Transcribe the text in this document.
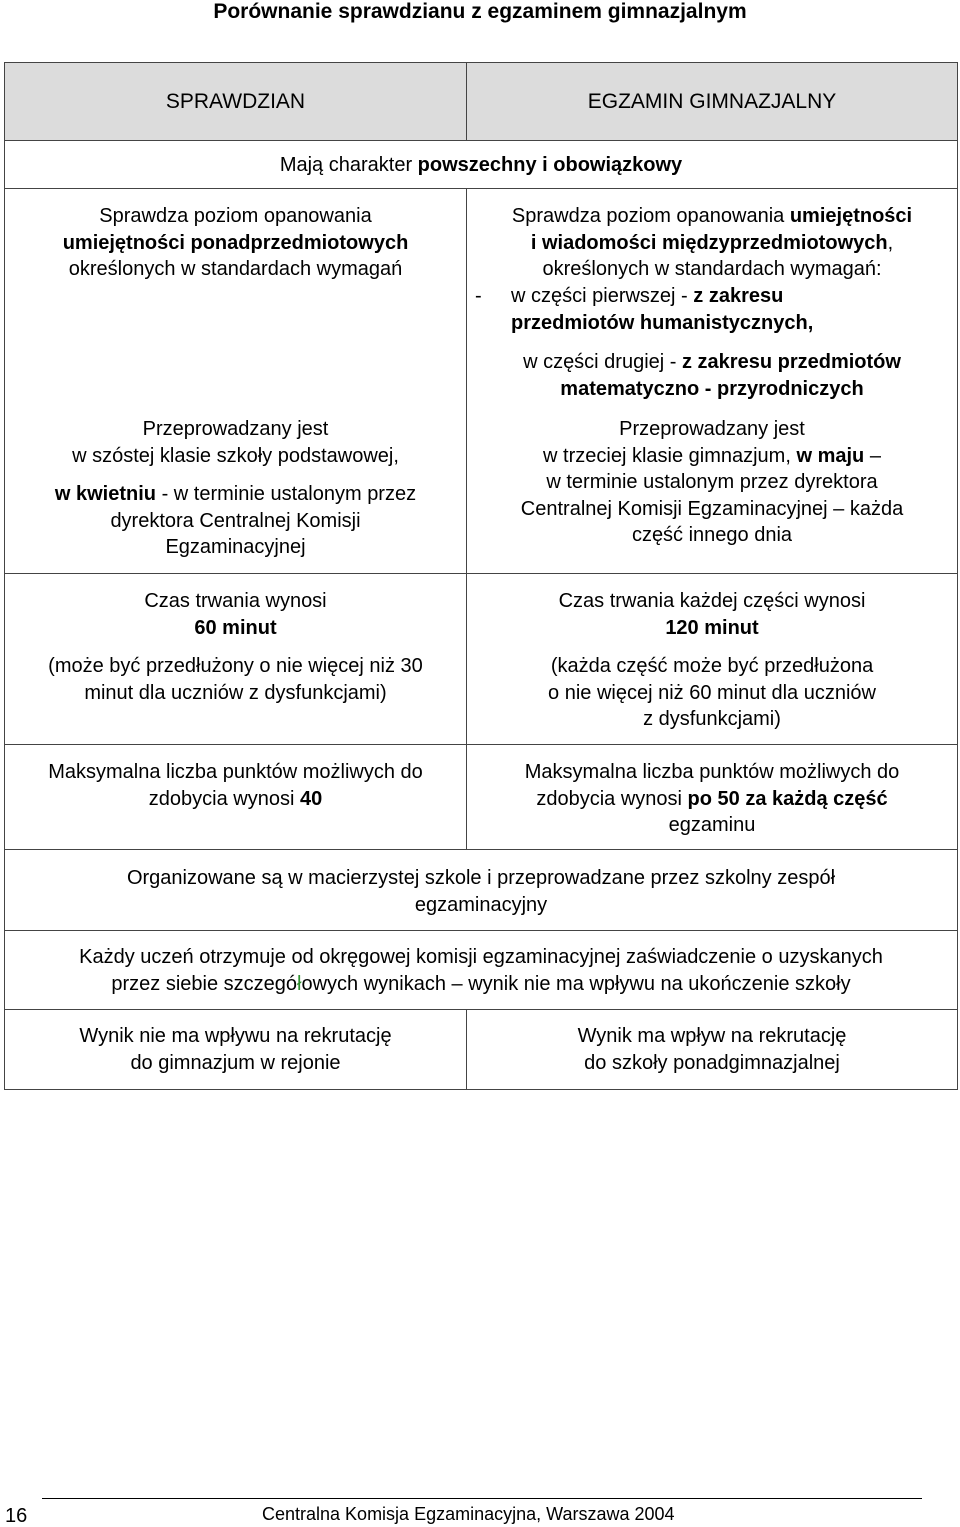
Porównanie sprawdzianu z egzaminem gimnazjalnym
SPRAWDZIAN	EGZAMIN GIMNAZJALNY
Mają charakter powszechny i obowiązkowy
Sprawdza poziom opanowania
umiejętności ponadprzedmiotowych
określonych w standardach wymagań
Sprawdza poziom opanowania umiejętności
i wiadomości międzyprzedmiotowych,
określonych w standardach wymagań:
- w części pierwszej - z zakresu
przedmiotów humanistycznych,
w części drugiej - z zakresu przedmiotów
matematyczno - przyrodniczych
Przeprowadzany jest
w szóstej klasie szkoły podstawowej,
w kwietniu - w terminie ustalonym przez
dyrektora Centralnej Komisji
Egzaminacyjnej
Przeprowadzany jest
w trzeciej klasie gimnazjum, w maju –
w terminie ustalonym przez dyrektora
Centralnej Komisji Egzaminacyjnej – każda
część innego dnia
Czas trwania wynosi
60 minut
(może być przedłużony o nie więcej niż 30
minut dla uczniów z dysfunkcjami)
Czas trwania każdej części wynosi
120 minut
(każda część może być przedłużona
o nie więcej niż 60 minut dla uczniów
z dysfunkcjami)
Maksymalna liczba punktów możliwych do
zdobycia wynosi 40
Maksymalna liczba punktów możliwych do
zdobycia wynosi po 50 za każdą część
egzaminu
Organizowane są w macierzystej szkole i przeprowadzane przez szkolny zespół
egzaminacyjny
Każdy uczeń otrzymuje od okręgowej komisji egzaminacyjnej zaświadczenie o uzyskanych
przez siebie szczegółowych wynikach – wynik nie ma wpływu na ukończenie szkoły
Wynik nie ma wpływu na rekrutację
do gimnazjum w rejonie
Wynik ma wpływ na rekrutację
do szkoły ponadgimnazjalnej
16	Centralna Komisja Egzaminacyjna, Warszawa 2004
